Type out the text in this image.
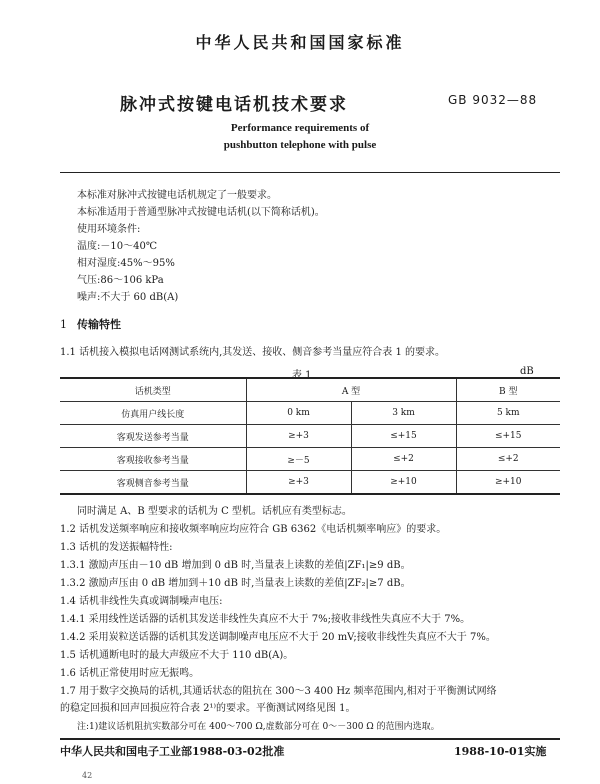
中华人民共和国国家标准
脉冲式按键电话机技术要求	GB 9032—88
Performance requirements of
pushbutton telephone with pulse
本标准对脉冲式按键电话机规定了一般要求。
本标准适用于普通型脉冲式按键电话机(以下简称话机)。
使用环境条件:
温度:－10～40℃
相对湿度:45%～95%
气压:86～106 kPa
噪声:不大于 60 dB(A)
1 传输特性
1.1 话机接入模拟电话网测试系统内,其发送、接收、侧音参考当量应符合表 1 的要求。
表 1	dB
话机类型	A 型		B 型
仿真用户线长度	0 km	3 km	5 km
客观发送参考当量	≥+3	≤+15	≤+15
客观接收参考当量	≥－5	≤+2	≤+2
客观侧音参考当量	≥+3	≥+10	≥+10
同时满足 A、B 型要求的话机为 C 型机。话机应有类型标志。
1.2 话机发送频率响应和接收频率响应均应符合 GB 6362《电话机频率响应》的要求。
1.3 话机的发送振幅特性:
1.3.1 激励声压由－10 dB 增加到 0 dB 时,当量表上读数的差值|ZF₁|≥9 dB。
1.3.2 激励声压由 0 dB 增加到＋10 dB 时,当量表上读数的差值|ZF₂|≥7 dB。
1.4 话机非线性失真或调制噪声电压:
1.4.1 采用线性送话器的话机其发送非线性失真应不大于 7%;接收非线性失真应不大于 7%。
1.4.2 采用炭粒送话器的话机其发送调制噪声电压应不大于 20 mV;接收非线性失真应不大于 7%。
1.5 话机通断电时的最大声级应不大于 110 dB(A)。
1.6 话机正常使用时应无振鸣。
1.7 用于数字交换局的话机,其通话状态的阻抗在 300～3 400 Hz 频率范围内,相对于平衡测试网络
的稳定回损和回声回损应符合表 2¹⁾的要求。平衡测试网络见图 1。
注:1)建议话机阻抗实数部分可在 400～700 Ω,虚数部分可在 0～－300 Ω 的范围内选取。
中华人民共和国电子工业部1988-03-02批准	1988-10-01实施
42
